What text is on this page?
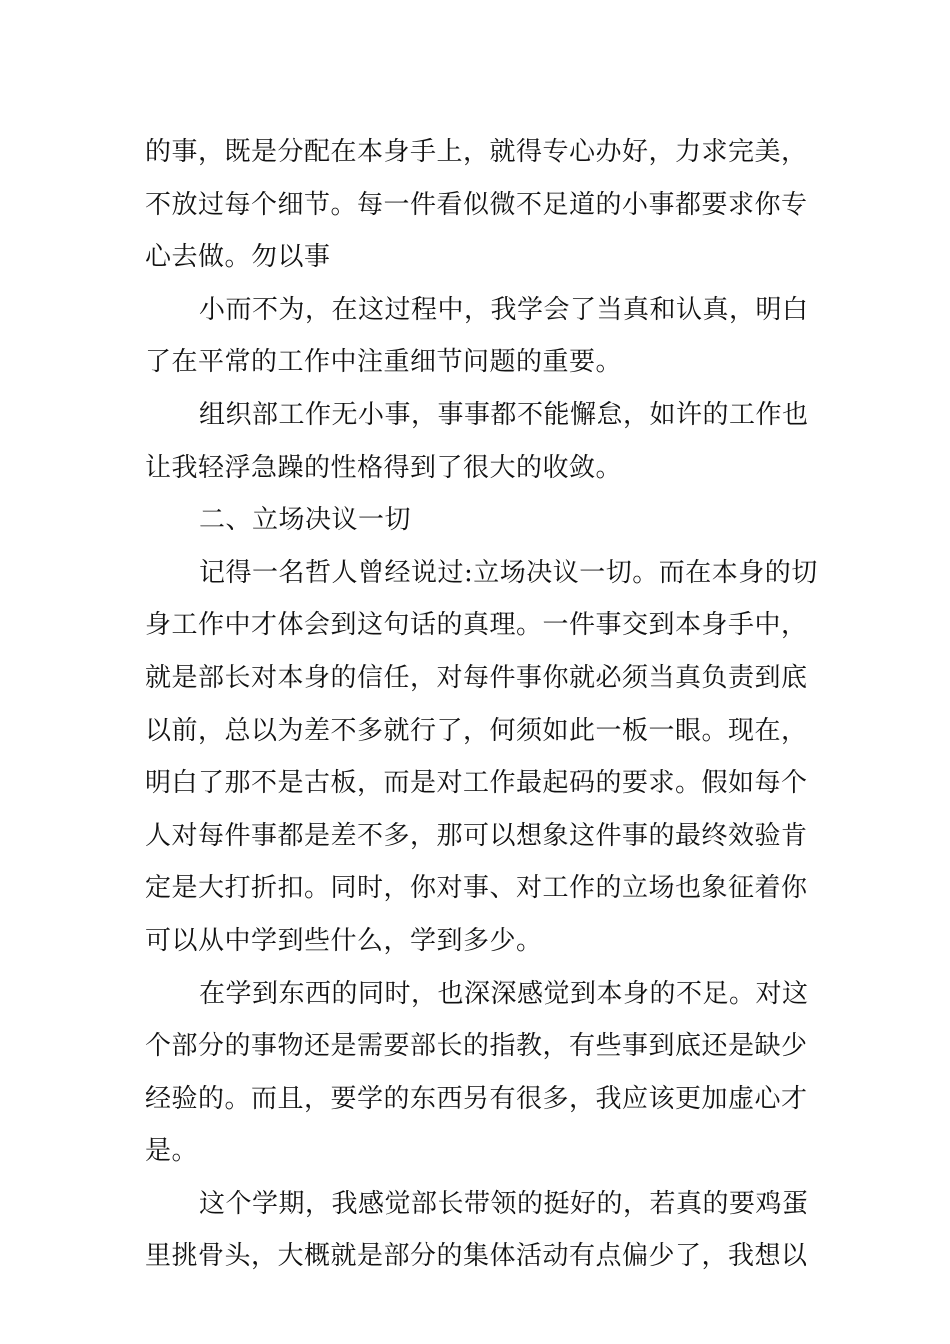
的事，既是分配在本身手上，就得专心办好，力求完美，
不放过每个细节。每一件看似微不足道的小事都要求你专
心去做。勿以事
小而不为，在这过程中，我学会了当真和认真，明白
了在平常的工作中注重细节问题的重要。
组织部工作无小事，事事都不能懈怠，如许的工作也
让我轻浮急躁的性格得到了很大的收敛。
二、立场决议一切
记得一名哲人曾经说过:立场决议一切。而在本身的切
身工作中才体会到这句话的真理。一件事交到本身手中，
就是部长对本身的信任，对每件事你就必须当真负责到底
以前，总以为差不多就行了，何须如此一板一眼。现在，
明白了那不是古板，而是对工作最起码的要求。假如每个
人对每件事都是差不多，那可以想象这件事的最终效验肯
定是大打折扣。同时，你对事、对工作的立场也象征着你
可以从中学到些什么，学到多少。
在学到东西的同时，也深深感觉到本身的不足。对这
个部分的事物还是需要部长的指教，有些事到底还是缺少
经验的。而且，要学的东西另有很多，我应该更加虚心才
是。
这个学期，我感觉部长带领的挺好的，若真的要鸡蛋
里挑骨头，大概就是部分的集体活动有点偏少了，我想以
